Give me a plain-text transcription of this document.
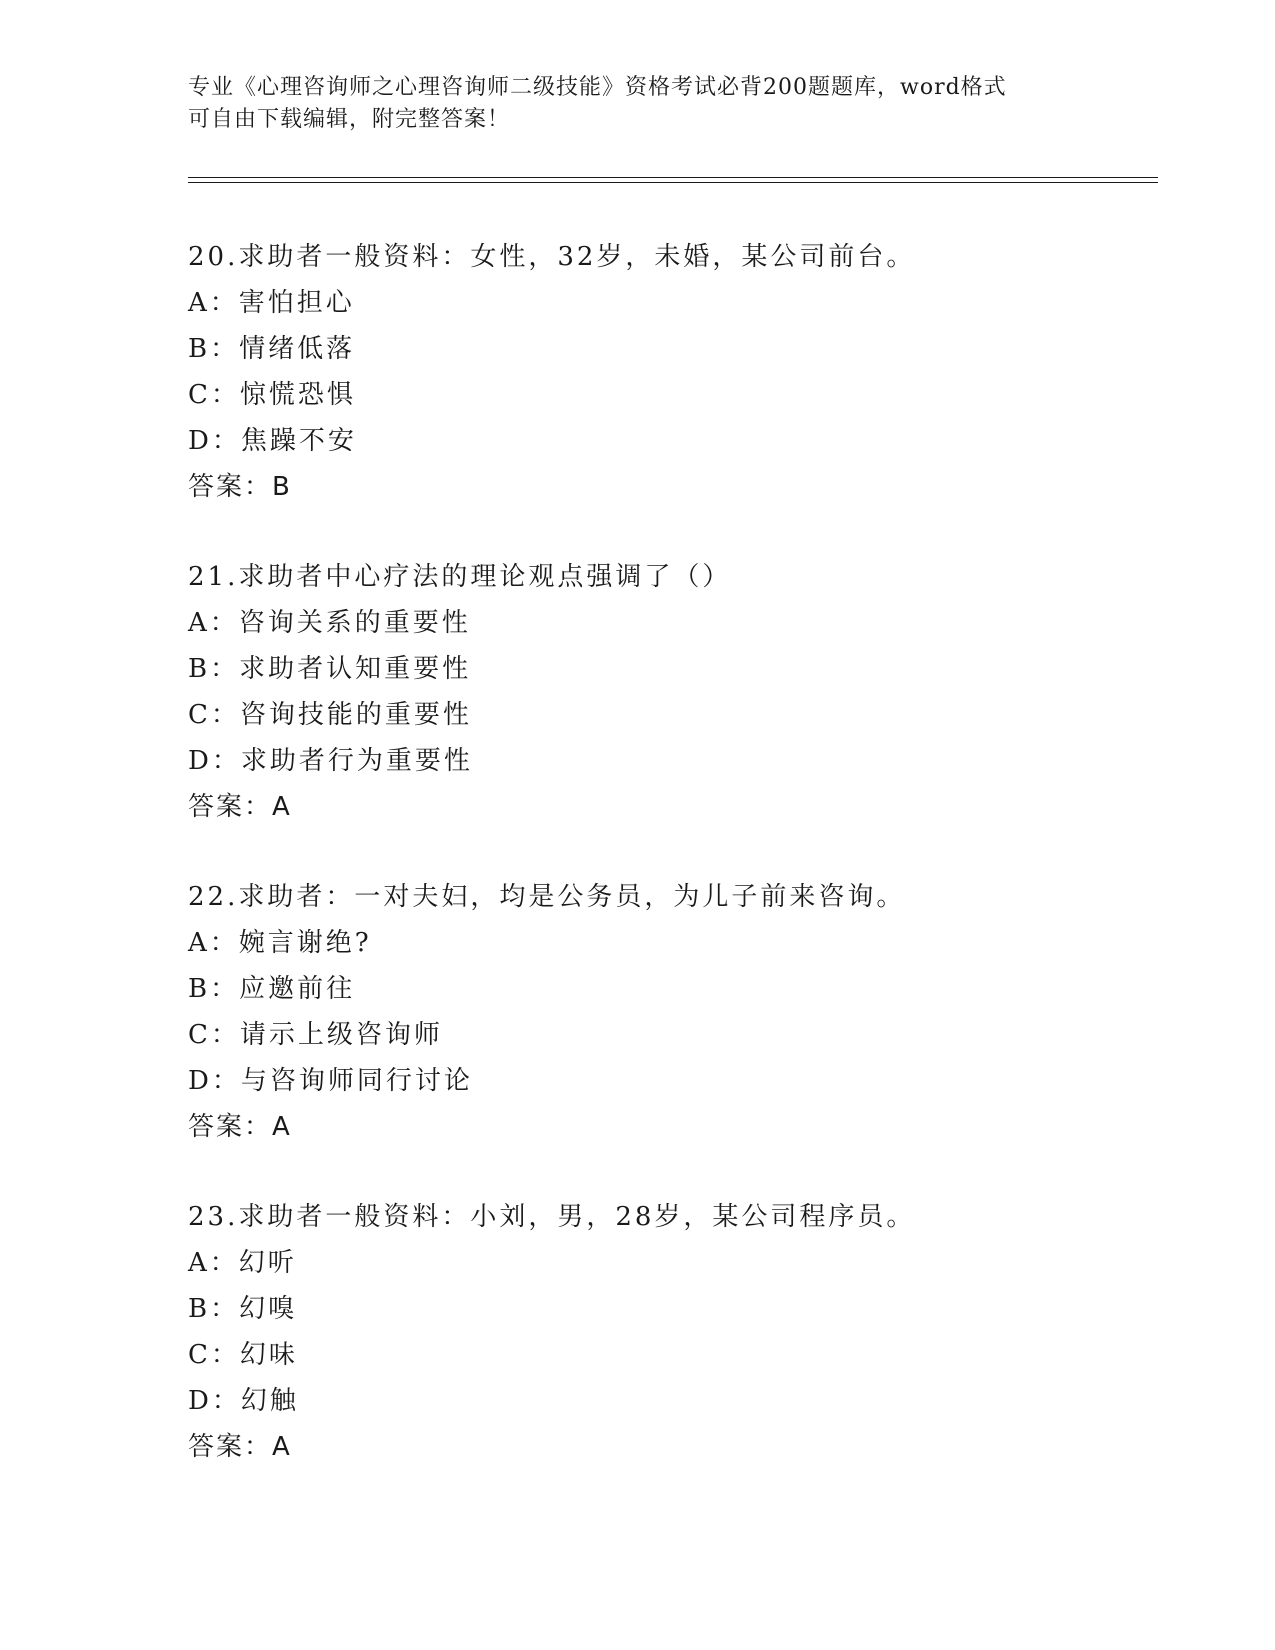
专业《心理咨询师之心理咨询师二级技能》资格考试必背200题题库，word格式
可自由下载编辑，附完整答案！
20.求助者一般资料：女性，32岁，未婚，某公司前台。
A：害怕担心
B：情绪低落
C：惊慌恐惧
D：焦躁不安
答案：B
21.求助者中心疗法的理论观点强调了（）
A：咨询关系的重要性
B：求助者认知重要性
C：咨询技能的重要性
D：求助者行为重要性
答案：A
22.求助者：一对夫妇，均是公务员，为儿子前来咨询。
A：婉言谢绝?
B：应邀前往
C：请示上级咨询师
D：与咨询师同行讨论
答案：A
23.求助者一般资料：小刘，男，28岁，某公司程序员。
A：幻听
B：幻嗅
C：幻味
D：幻触
答案：A
